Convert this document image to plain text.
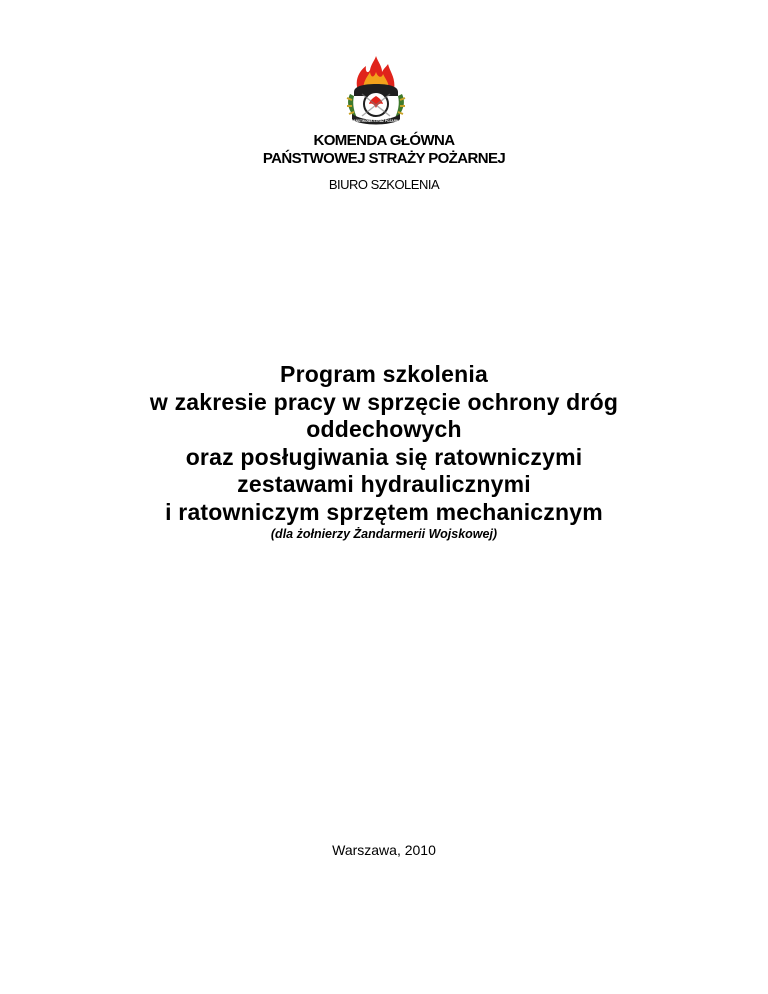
PAŃSTWOWA STRAŻ POŻARNA
KOMENDA GŁÓWNA
PAŃSTWOWEJ STRAŻY POŻARNEJ
BIURO SZKOLENIA
Program szkolenia
w zakresie pracy w sprzęcie ochrony dróg
oddechowych
oraz posługiwania się ratowniczymi
zestawami hydraulicznymi
i ratowniczym sprzętem mechanicznym
(dla żołnierzy Żandarmerii Wojskowej)
Warszawa, 2010
